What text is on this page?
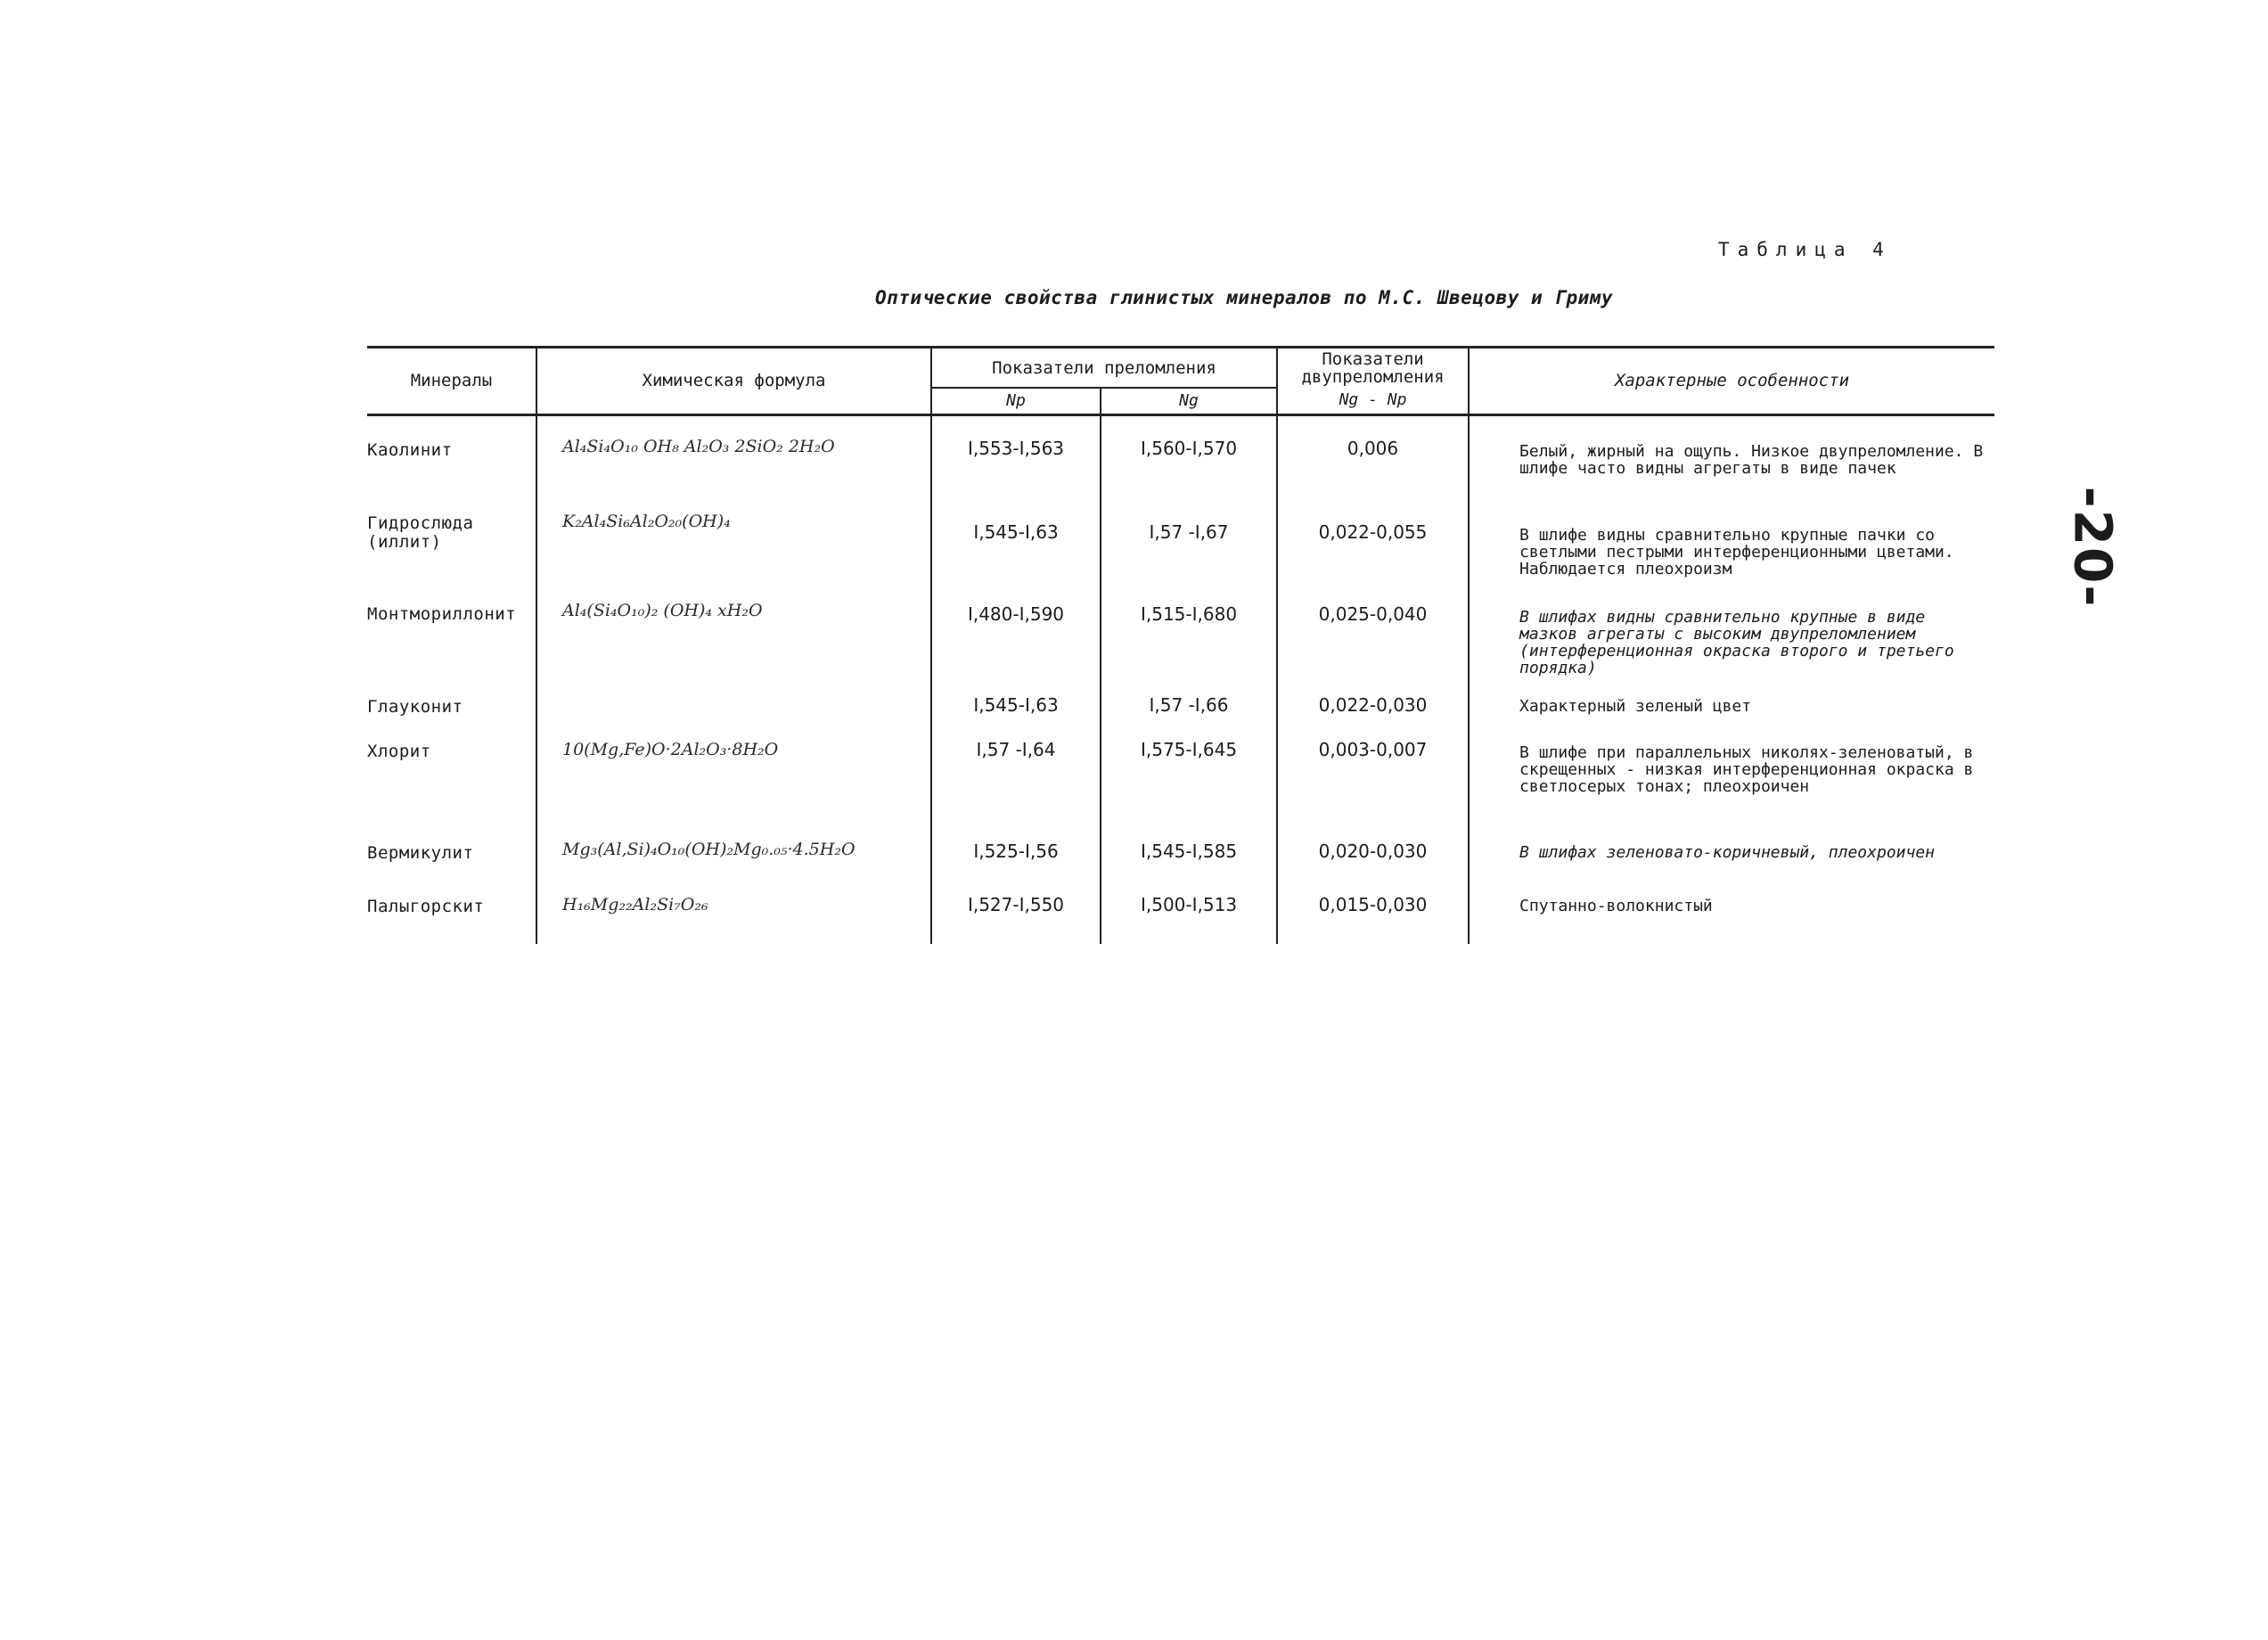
Таблица 4
Оптические свойства глинистых минералов по М.С. Швецову и Гриму
-20-
Минералы	Химическая формула	Показатели преломления		Показатели двупреломления	Характерные особенности
		Np	Ng	Ng - Np	
Каолинит	Al₄Si₄O₁₀ OH₈ Al₂O₃ 2SiO₂ 2H₂O	I,553-I,563	I,560-I,570	0,006	Белый, жирный на ощупь. Низкое двупреломление. В шлифе часто видны агрегаты в виде пачек
Гидрослюда (иллит)	K₂Al₄Si₆Al₂O₂₀(OH)₄	I,545-I,63	I,57 -I,67	0,022-0,055	В шлифе видны сравнительно крупные пачки со светлыми пестрыми интерференционными цветами. Наблюдается плеохроизм
Монтмориллонит	Al₄(Si₄O₁₀)₂ (OH)₄ xH₂O	I,480-I,590	I,515-I,680	0,025-0,040	В шлифах видны сравнительно крупные в виде мазков агрегаты с высоким двупреломлением (интерференционная окраска второго и третьего порядка)
Глауконит		I,545-I,63	I,57 -I,66	0,022-0,030	Характерный зеленый цвет
Хлорит	10(Mg,Fe)O·2Al₂O₃·8H₂O	I,57 -I,64	I,575-I,645	0,003-0,007	В шлифе при параллельных николях-зеленоватый, в скрещенных - низкая интерференционная окраска в светлосерых тонах; плеохроичен
Вермикулит	Mg₃(Al,Si)₄O₁₀(OH)₂Mg₀.₀₅·4.5H₂O	I,525-I,56	I,545-I,585	0,020-0,030	В шлифах зеленовато-коричневый, плеохроичен
Палыгорскит	H₁₆Mg₂₂Al₂Si₇O₂₆	I,527-I,550	I,500-I,513	0,015-0,030	Спутанно-волокнистый
